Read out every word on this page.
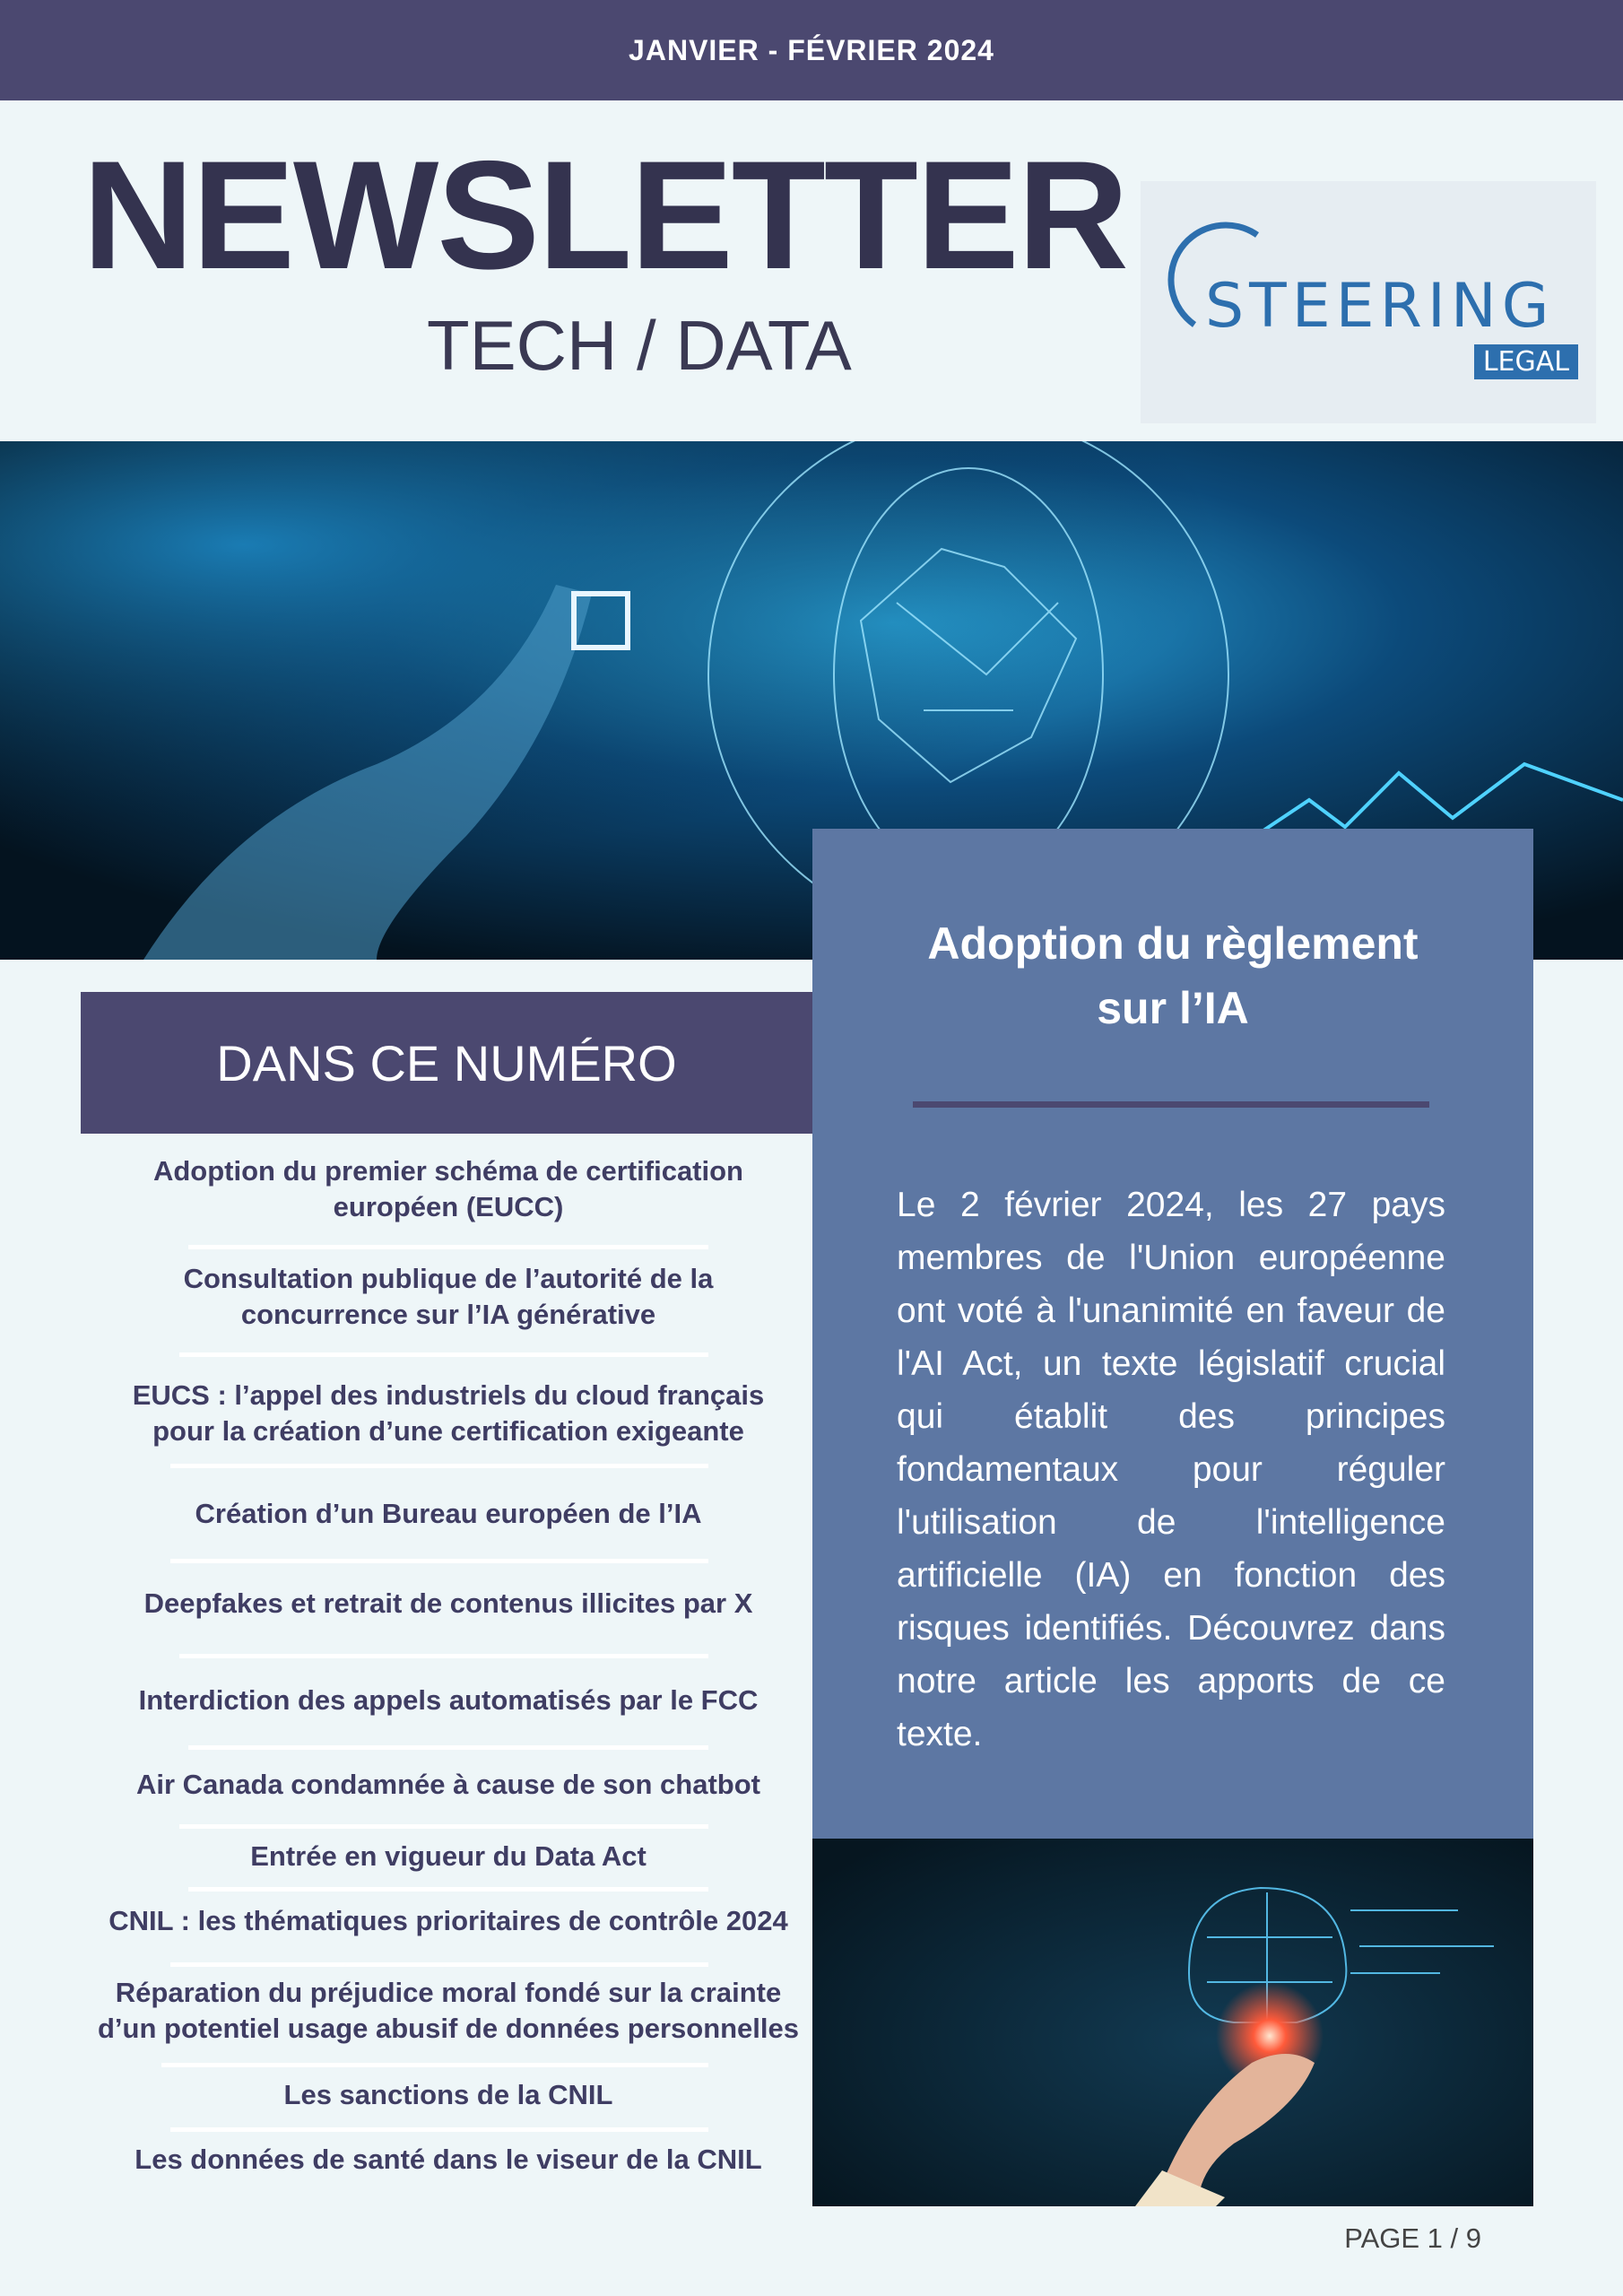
JANVIER - FÉVRIER 2024
NEWSLETTER
TECH / DATA	STEERING
LEGAL
DANS CE NUMÉRO
Adoption du premier schéma de certification
européen (EUCC)
Consultation publique de l’autorité de la
concurrence sur l’IA générative
EUCS : l’appel des industriels du cloud français
pour la création d’une certification exigeante
Création d’un Bureau européen de l’IA
Deepfakes et retrait de contenus illicites par X
Interdiction des appels automatisés par le FCC
Air Canada condamnée à cause de son chatbot
Entrée en vigueur du Data Act
CNIL : les thématiques prioritaires de contrôle 2024
Réparation du préjudice moral fondé sur la crainte
d’un potentiel usage abusif de données personnelles
Les sanctions de la CNIL
Les données de santé dans le viseur de la CNIL
Adoption du règlement
sur l’IA
Le 2 février 2024, les 27 pays membres de l'Union européenne ont voté à l'unanimité en faveur de l'AI Act, un texte législatif crucial qui établit des principes fondamentaux pour réguler l'utilisation de l'intelligence artificielle (IA) en fonction des risques identifiés. Découvrez dans notre article les apports de ce texte.
PAGE 1 / 9
